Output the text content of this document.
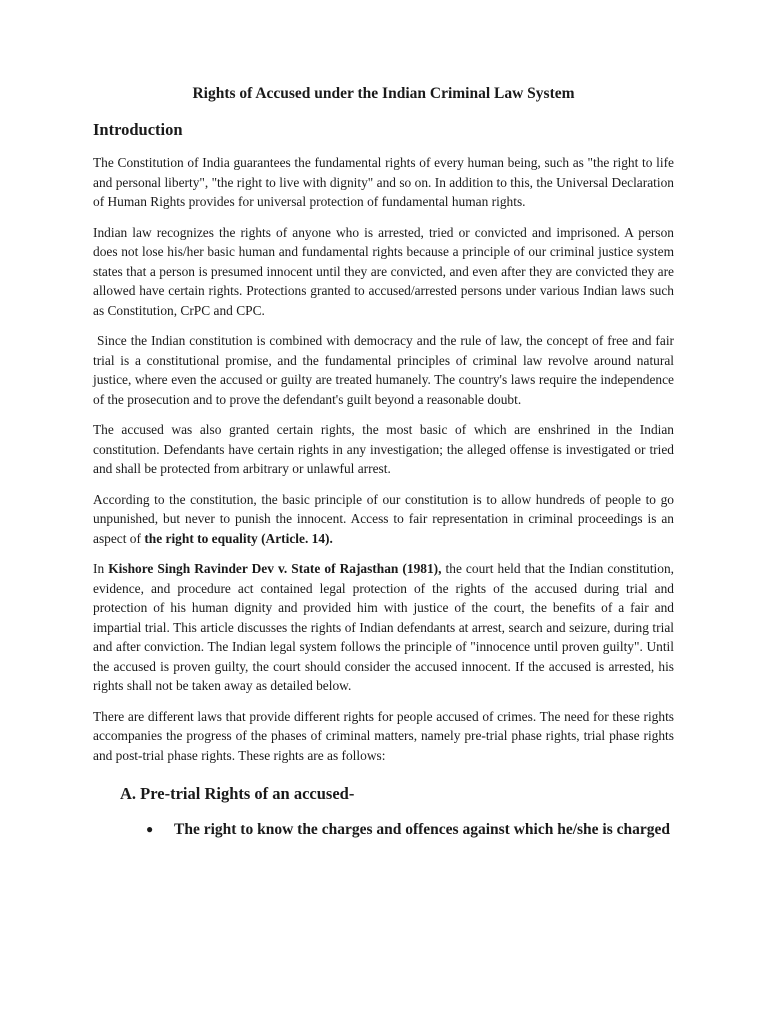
Rights of Accused under the Indian Criminal Law System
Introduction

The Constitution of India guarantees the fundamental rights of every human being, such as "the right to life and personal liberty", "the right to live with dignity" and so on. In addition to this, the Universal Declaration of Human Rights provides for universal protection of fundamental human rights.

Indian law recognizes the rights of anyone who is arrested, tried or convicted and imprisoned. A person does not lose his/her basic human and fundamental rights because a principle of our criminal justice system states that a person is presumed innocent until they are convicted, and even after they are convicted they are allowed have certain rights. Protections granted to accused/arrested persons under various Indian laws such as Constitution, CrPC and CPC.

Since the Indian constitution is combined with democracy and the rule of law, the concept of free and fair trial is a constitutional promise, and the fundamental principles of criminal law revolve around natural justice, where even the accused or guilty are treated humanely. The country's laws require the independence of the prosecution and to prove the defendant's guilt beyond a reasonable doubt.

The accused was also granted certain rights, the most basic of which are enshrined in the Indian constitution. Defendants have certain rights in any investigation; the alleged offense is investigated or tried and shall be protected from arbitrary or unlawful arrest.

According to the constitution, the basic principle of our constitution is to allow hundreds of people to go unpunished, but never to punish the innocent. Access to fair representation in criminal proceedings is an aspect of the right to equality (Article. 14).

In Kishore Singh Ravinder Dev v. State of Rajasthan (1981), the court held that the Indian constitution, evidence, and procedure act contained legal protection of the rights of the accused during trial and protection of his human dignity and provided him with justice of the court, the benefits of a fair and impartial trial. This article discusses the rights of Indian defendants at arrest, search and seizure, during trial and after conviction. The Indian legal system follows the principle of "innocence until proven guilty". Until the accused is proven guilty, the court should consider the accused innocent. If the accused is arrested, his rights shall not be taken away as detailed below.

There are different laws that provide different rights for people accused of crimes. The need for these rights accompanies the progress of the phases of criminal matters, namely pre-trial phase rights, trial phase rights and post-trial phase rights. These rights are as follows:

A. Pre-trial Rights of an accused-
● The right to know the charges and offences against which he/she is charged
